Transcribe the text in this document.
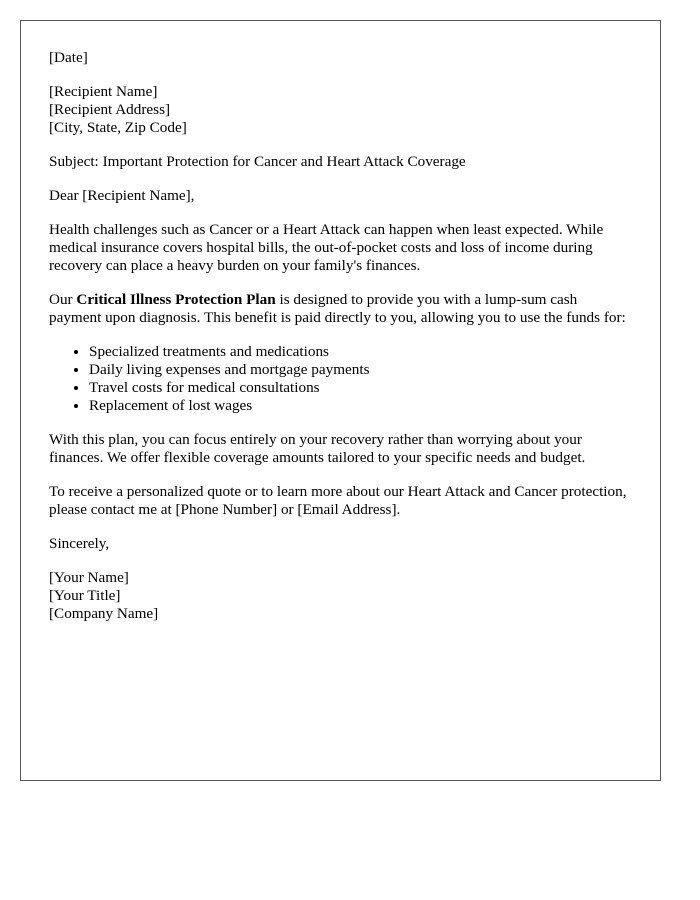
[Date]

[Recipient Name]
[Recipient Address]
[City, State, Zip Code]

Subject: Important Protection for Cancer and Heart Attack Coverage

Dear [Recipient Name],

Health challenges such as Cancer or a Heart Attack can happen when least expected. While medical insurance covers hospital bills, the out-of-pocket costs and loss of income during recovery can place a heavy burden on your family's finances.

Our Critical Illness Protection Plan is designed to provide you with a lump-sum cash payment upon diagnosis. This benefit is paid directly to you, allowing you to use the funds for:

• Specialized treatments and medications
• Daily living expenses and mortgage payments
• Travel costs for medical consultations
• Replacement of lost wages

With this plan, you can focus entirely on your recovery rather than worrying about your finances. We offer flexible coverage amounts tailored to your specific needs and budget.

To receive a personalized quote or to learn more about our Heart Attack and Cancer protection, please contact me at [Phone Number] or [Email Address].

Sincerely,

[Your Name]
[Your Title]
[Company Name]
